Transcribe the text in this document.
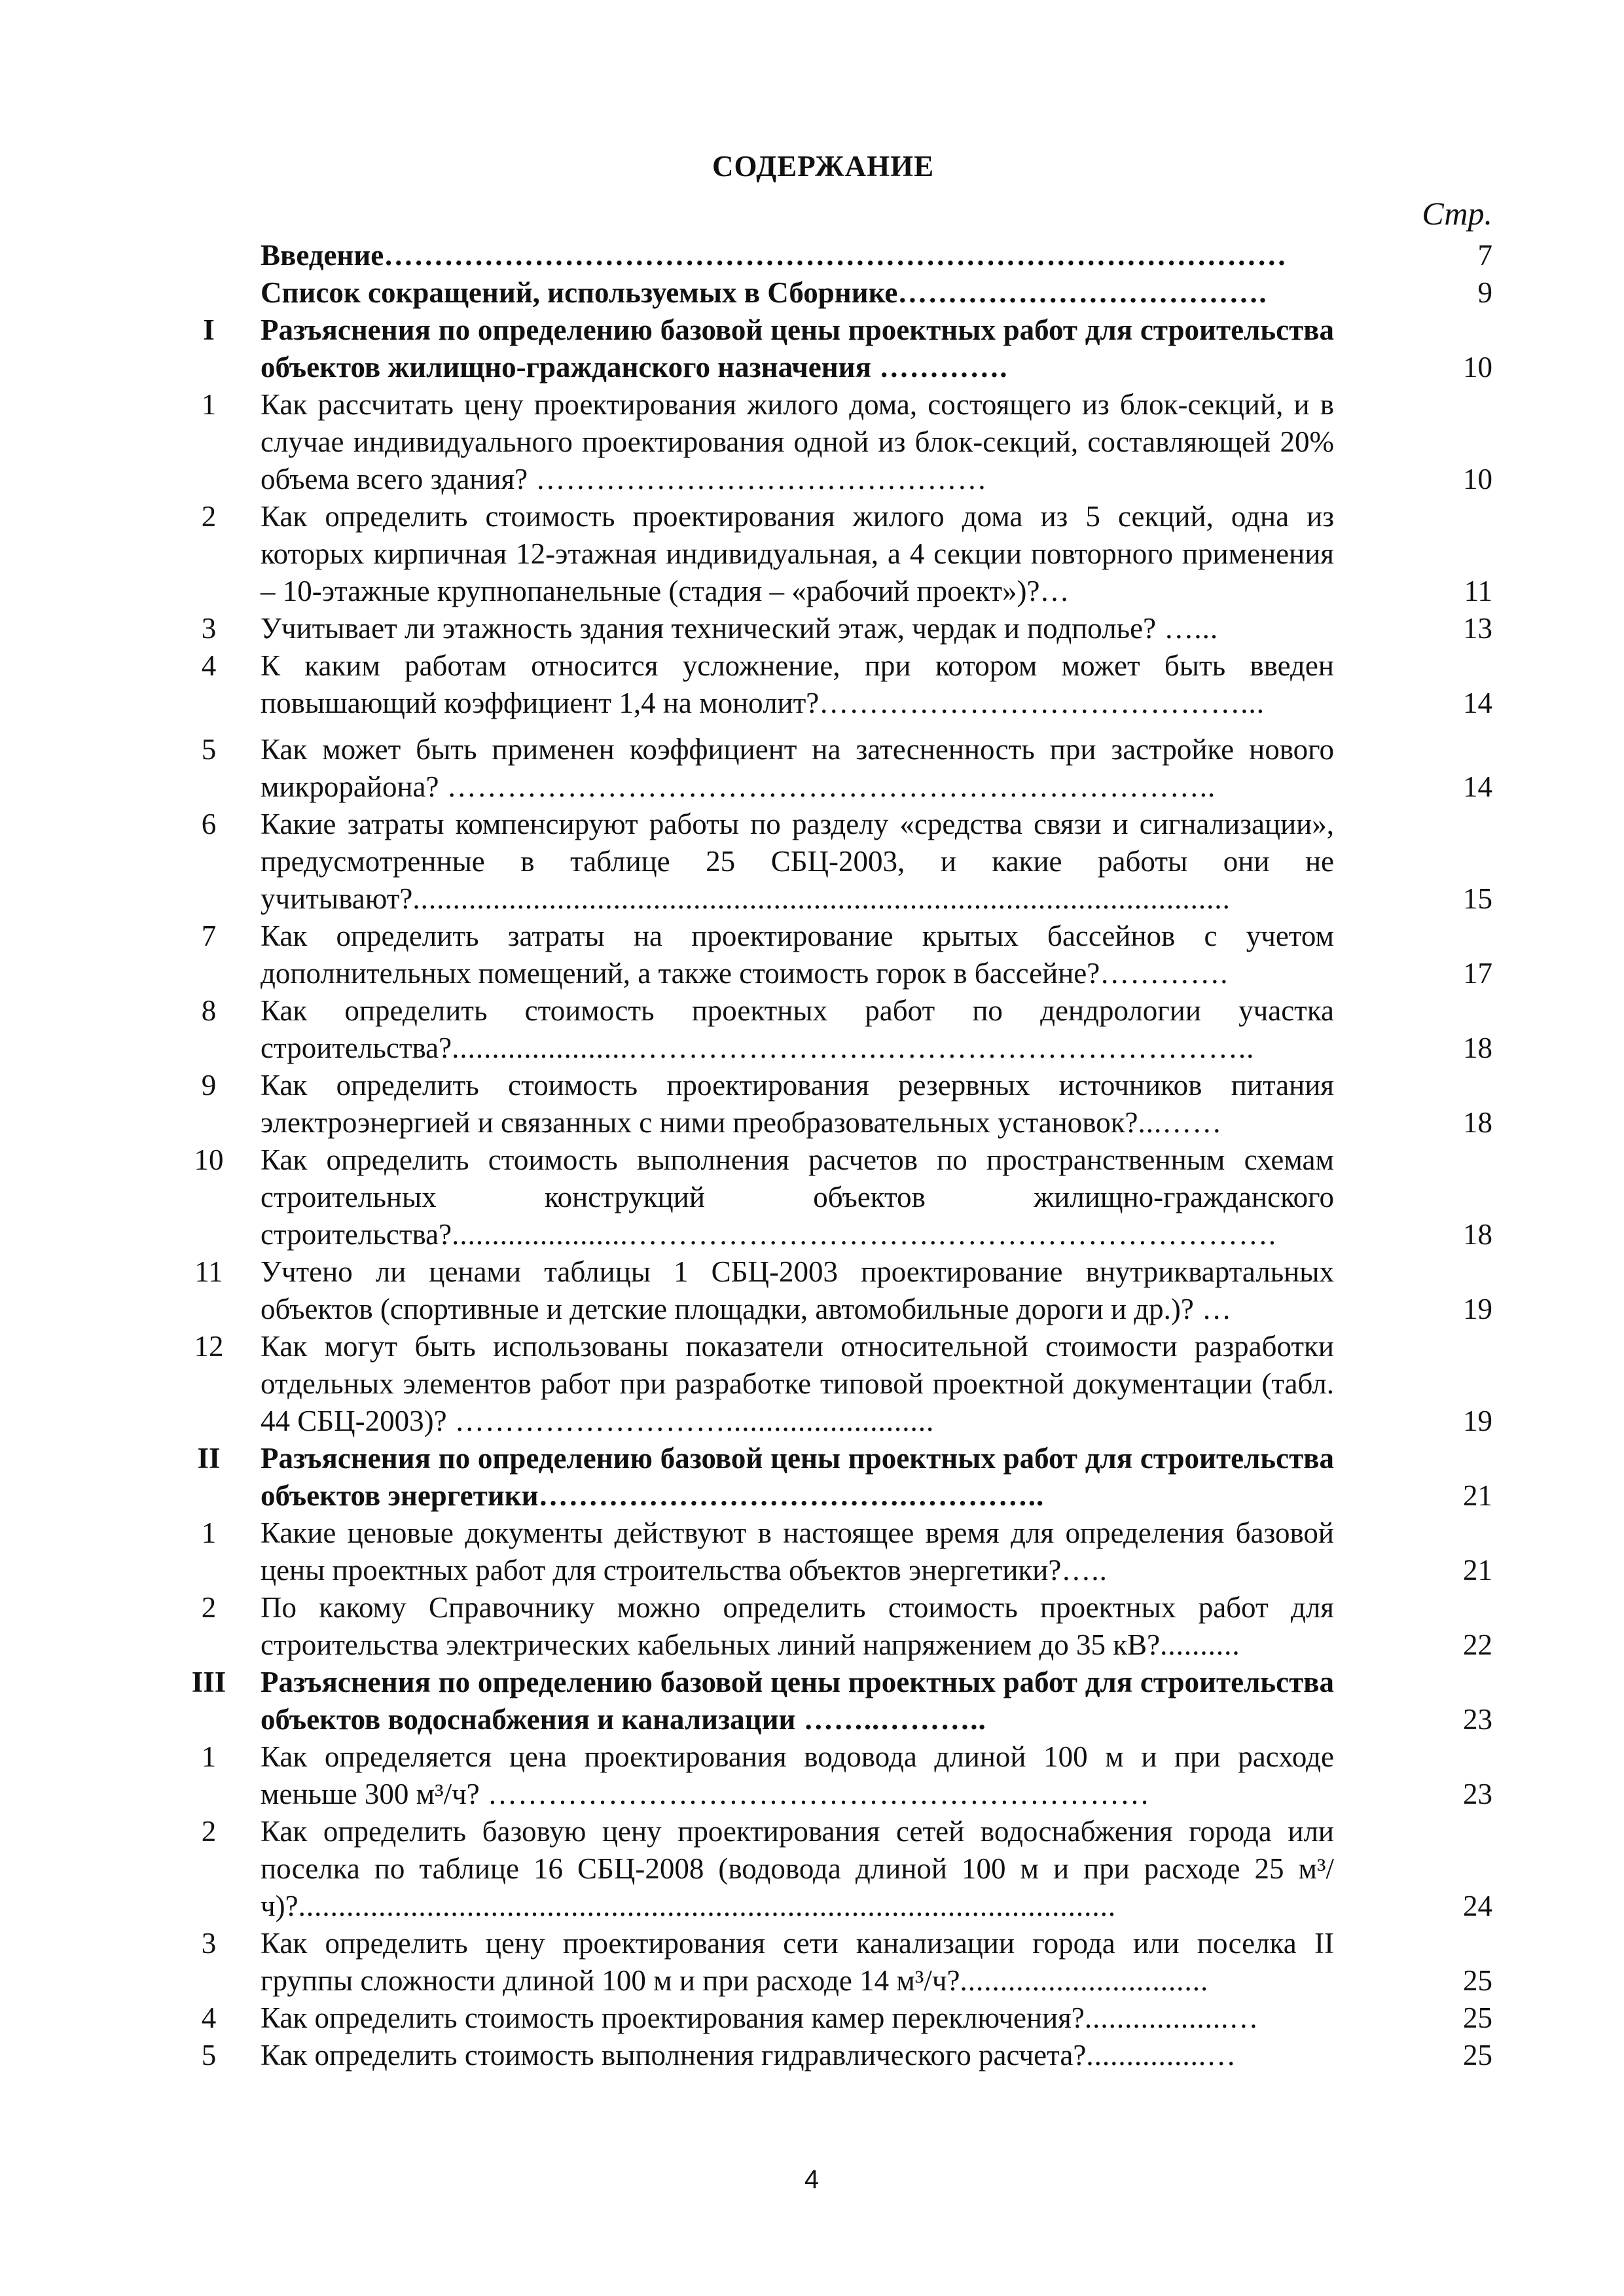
СОДЕРЖАНИЕ
Стр.
Введение………………………………………………………………………………	7
Список сокращений, используемых в Сборнике……………………………….	9
I	Разъяснения по определению базовой цены проектных работ для строительства объектов жилищно-гражданского назначения ………….	10
1	Как рассчитать цену проектирования жилого дома, состоящего из блок-секций, и в случае индивидуального проектирования одной из блок-секций, составляющей 20% объема всего здания? ………………………………………	10
2	Как определить стоимость проектирования жилого дома из 5 секций, одна из которых кирпичная 12-этажная индивидуальная, а 4 секции повторного применения – 10-этажные крупнопанельные (стадия – «рабочий проект»)?…	11
3	Учитывает ли этажность здания технический этаж, чердак и подполье? …...	13
4	К каким работам относится усложнение, при котором может быть введен повышающий коэффициент 1,4 на монолит?……………………………………...	14
5	Как может быть применен коэффициент на затесненность при застройке нового микрорайона? …………………………………………………………………..	14
6	Какие затраты компенсируют работы по разделу «средства связи и сигнализации», предусмотренные в таблице 25 СБЦ-2003, и какие работы они не учитывают?......................................................................................................	15
7	Как определить затраты на проектирование крытых бассейнов с учетом дополнительных помещений, а также стоимость горок в бассейне?………….	17
8	Как определить стоимость проектных работ по дендрологии участка строительства?......................…………………….………………………………..	18
9	Как определить стоимость проектирования резервных источников питания электроэнергией и связанных с ними преобразовательных установок?...……	18
10	Как определить стоимость выполнения расчетов по пространственным схемам строительных конструкций объектов жилищно-гражданского строительства?......................………………………….…………………………….	18
11	Учтено ли ценами таблицы 1 СБЦ-2003 проектирование внутриквартальных объектов (спортивные и детские площадки, автомобильные дороги и др.)? …	19
12	Как могут быть использованы показатели относительной стоимости разработки отдельных элементов работ при разработке типовой проектной документации (табл. 44 СБЦ-2003)? ………………………..........................	19
II	Разъяснения по определению базовой цены проектных работ для строительства объектов энергетики……………………………….…………..	21
1	Какие ценовые документы действуют в настоящее время для определения базовой цены проектных работ для строительства объектов энергетики?…..	21
2	По какому Справочнику можно определить стоимость проектных работ для строительства электрических кабельных линий напряжением до 35 кВ?..........	22
III	Разъяснения по определению базовой цены проектных работ для строительства объектов водоснабжения и канализации ……..………..	23
1	Как определяется цена проектирования водовода длиной 100 м и при расходе меньше 300 м³/ч? …………………………………………………………	23
2	Как определить базовую цену проектирования сетей водоснабжения города или поселка по таблице 16 СБЦ-2008 (водовода длиной 100 м и при расходе 25 м³/ч)?......................................................................................................	24
3	Как определить цену проектирования сети канализации города или поселка II группы сложности длиной 100 м и при расходе 14 м³/ч?...............................	25
4	Как определить стоимость проектирования камер переключения?..................…	25
5	Как определить стоимость выполнения гидравлического расчета?...............…	25
4
